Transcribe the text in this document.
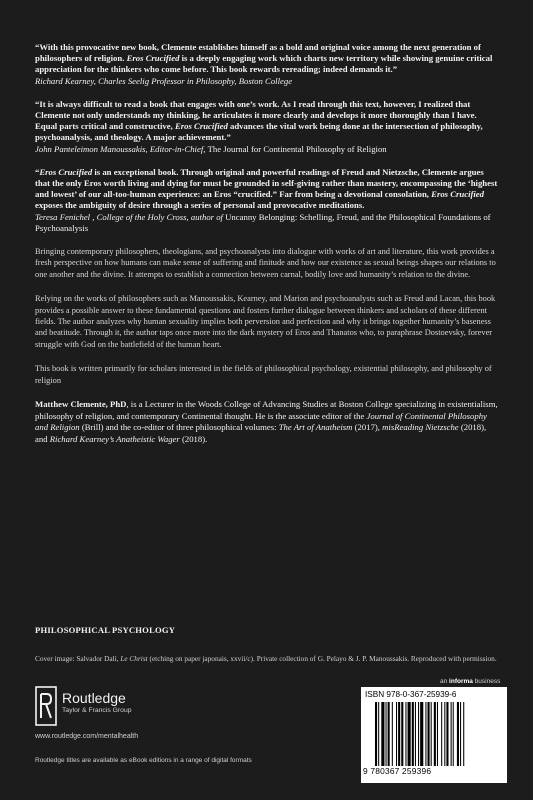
“With this provocative new book, Clemente establishes himself as a bold and original voice among the next generation of philosophers of religion. Eros Crucified is a deeply engaging work which charts new territory while showing genuine critical appreciation for the thinkers who come before. This book rewards rereading; indeed demands it.”

Richard Kearney, Charles Seelig Professor in Philosophy, Boston College

“It is always difficult to read a book that engages with one’s work. As I read through this text, however, I realized that Clemente not only understands my thinking, he articulates it more clearly and develops it more thoroughly than I have. Equal parts critical and constructive, Eros Crucified advances the vital work being done at the intersection of philosophy, psychoanalysis, and theology. A major achievement.”

John Panteleimon Manoussakis, Editor-in-Chief, The Journal for Continental Philosophy of Religion

“Eros Crucified is an exceptional book. Through original and powerful readings of Freud and Nietzsche, Clemente argues that the only Eros worth living and dying for must be grounded in self-giving rather than mastery, encompassing the ‘highest and lowest’ of our all-too-human experience: an Eros “crucified.” Far from being a devotional consolation, Eros Crucified exposes the ambiguity of desire through a series of personal and provocative meditations.

Teresa Fenichel , College of the Holy Cross, author of Uncanny Belonging: Schelling, Freud, and the Philosophical Foundations of Psychoanalysis

Bringing contemporary philosophers, theologians, and psychoanalysts into dialogue with works of art and literature, this work provides a fresh perspective on how humans can make sense of suffering and finitude and how our existence as sexual beings shapes our relations to one another and the divine. It attempts to establish a connection between carnal, bodily love and humanity’s relation to the divine.

Relying on the works of philosophers such as Manoussakis, Kearney, and Marion and psychoanalysts such as Freud and Lacan, this book provides a possible answer to these fundamental questions and fosters further dialogue between thinkers and scholars of these different fields. The author analyzes why human sexuality implies both perversion and perfection and why it brings together humanity’s baseness and beatitude. Through it, the author taps once more into the dark mystery of Eros and Thanatos who, to paraphrase Dostoevsky, forever struggle with God on the battlefield of the human heart.

This book is written primarily for scholars interested in the fields of philosophical psychology, existential philosophy, and philosophy of religion

Matthew Clemente, PhD, is a Lecturer in the Woods College of Advancing Studies at Boston College specializing in existentialism, philosophy of religion, and contemporary Continental thought. He is the associate editor of the Journal of Continental Philosophy and Religion (Brill) and the co-editor of three philosophical volumes: The Art of Anatheism (2017), misReading Nietzsche (2018), and Richard Kearney’s Anatheistic Wager (2018).

PHILOSOPHICAL PSYCHOLOGY

Cover image: Salvador Dalí, Le Christ (etching on paper japonais, xxvii/c). Private collection of G. Pelayo & J. P. Manoussakis. Reproduced with permission.

Routledge
Taylor & Francis Group
www.routledge.com/mentalhealth
Routledge titles are available as eBook editions in a range of digital formats
an informa business
ISBN 978-0-367-25939-6
9 780367 259396
